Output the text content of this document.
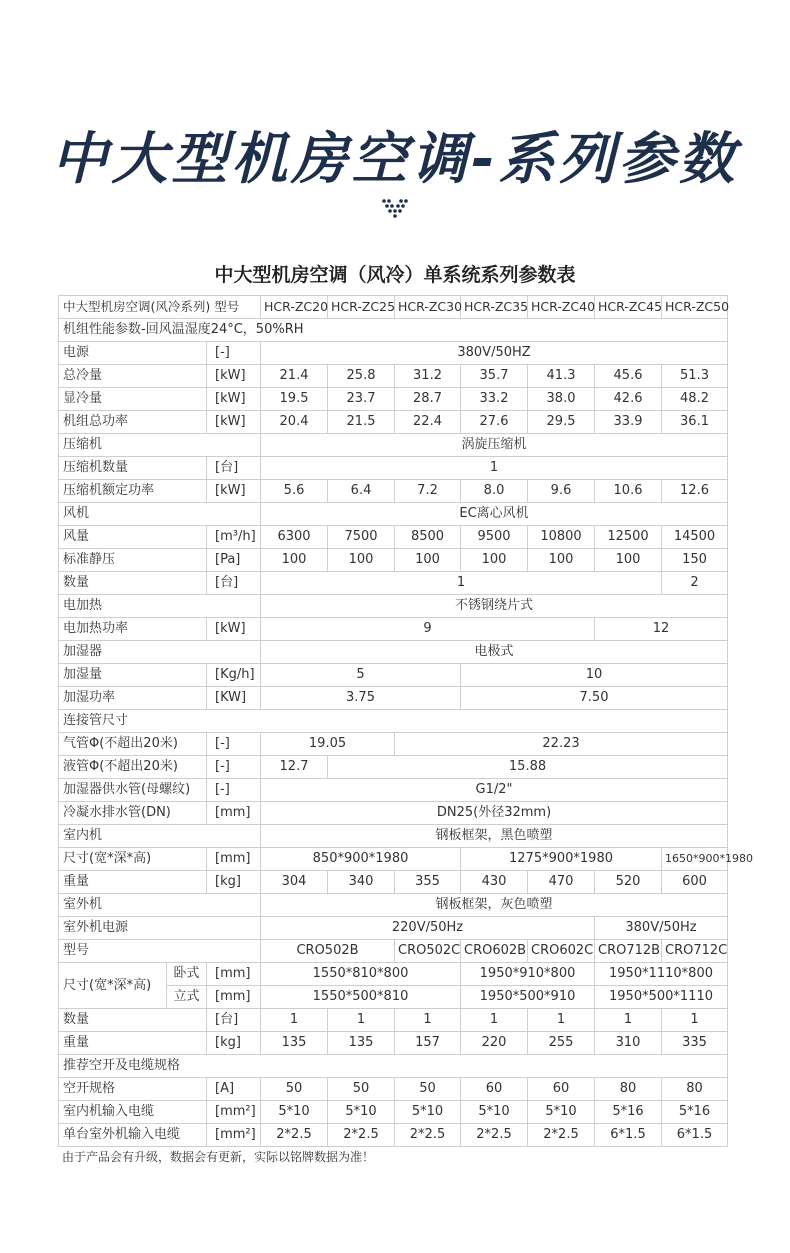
中大型机房空调-系列参数
中大型机房空调（风冷）单系统系列参数表
中大型机房空调(风冷系列) 型号			HCR-ZC20	HCR-ZC25	HCR-ZC30	HCR-ZC35	HCR-ZC40	HCR-ZC45	HCR-ZC50
机组性能参数-回风温湿度24°C，50%RH									
电源		[-]	380V/50HZ						
总冷量		[kW]	21.4	25.8	31.2	35.7	41.3	45.6	51.3
显冷量		[kW]	19.5	23.7	28.7	33.2	38.0	42.6	48.2
机组总功率		[kW]	20.4	21.5	22.4	27.6	29.5	33.9	36.1
压缩机			涡旋压缩机						
压缩机数量		[台]	1						
压缩机额定功率		[kW]	5.6	6.4	7.2	8.0	9.6	10.6	12.6
风机			EC离心风机						
风量		[m³/h]	6300	7500	8500	9500	10800	12500	14500
标准静压		[Pa]	100	100	100	100	100	100	150
数量		[台]	1						2
电加热			不锈钢绕片式						
电加热功率		[kW]	9					12	
加湿器			电极式						
加湿量		[Kg/h]	5			10			
加湿功率		[KW]	3.75			7.50			
连接管尺寸									
气管Φ(不超出20米)		[-]	19.05		22.23				
液管Φ(不超出20米)		[-]	12.7	15.88					
加湿器供水管(母螺纹)		[-]	G1/2"						
冷凝水排水管(DN)		[mm]	DN25(外径32mm)						
室内机			钢板框架，黑色喷塑						
尺寸(宽*深*高)		[mm]	850*900*1980			1275*900*1980			1650*900*1980
重量		[kg]	304	340	355	430	470	520	600
室外机			钢板框架，灰色喷塑						
室外机电源			220V/50Hz					380V/50Hz	
型号			CRO502B		CRO502C	CRO602B	CRO602C	CRO712B	CRO712C
尺寸(宽*深*高)	卧式	[mm]	1550*810*800			1950*910*800		1950*1110*800	
	立式	[mm]	1550*500*810			1950*500*910		1950*500*1110	
数量		[台]	1	1	1	1	1	1	1
重量		[kg]	135	135	157	220	255	310	335
推荐空开及电缆规格									
空开规格		[A]	50	50	50	60	60	80	80
室内机输入电缆		[mm²]	5*10	5*10	5*10	5*10	5*10	5*16	5*16
单台室外机输入电缆		[mm²]	2*2.5	2*2.5	2*2.5	2*2.5	2*2.5	6*1.5	6*1.5

由于产品会有升级，数据会有更新，实际以铭牌数据为准！
